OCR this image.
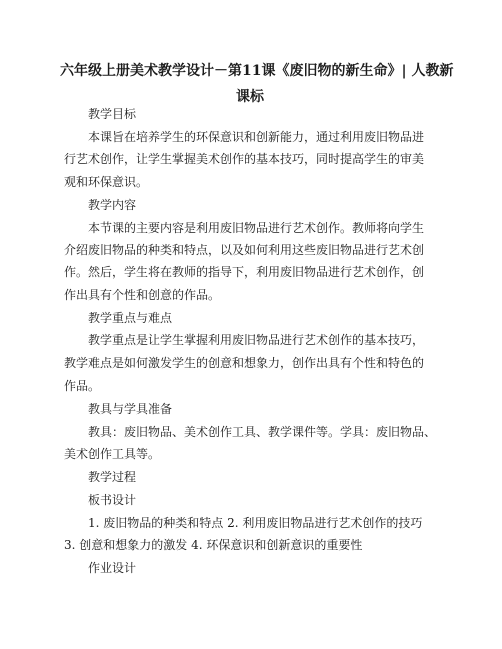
六年级上册美术教学设计－第11课《废旧物的新生命》| 人教新
课标
教学目标
本课旨在培养学生的环保意识和创新能力，通过利用废旧物品进
行艺术创作，让学生掌握美术创作的基本技巧，同时提高学生的审美
观和环保意识。
教学内容
本节课的主要内容是利用废旧物品进行艺术创作。教师将向学生
介绍废旧物品的种类和特点，以及如何利用这些废旧物品进行艺术创
作。然后，学生将在教师的指导下，利用废旧物品进行艺术创作，创
作出具有个性和创意的作品。
教学重点与难点
教学重点是让学生掌握利用废旧物品进行艺术创作的基本技巧，
教学难点是如何激发学生的创意和想象力，创作出具有个性和特色的
作品。
教具与学具准备
教具：废旧物品、美术创作工具、教学课件等。学具：废旧物品、
美术创作工具等。
教学过程
板书设计
1. 废旧物品的种类和特点 2. 利用废旧物品进行艺术创作的技巧
3. 创意和想象力的激发 4. 环保意识和创新意识的重要性
作业设计
